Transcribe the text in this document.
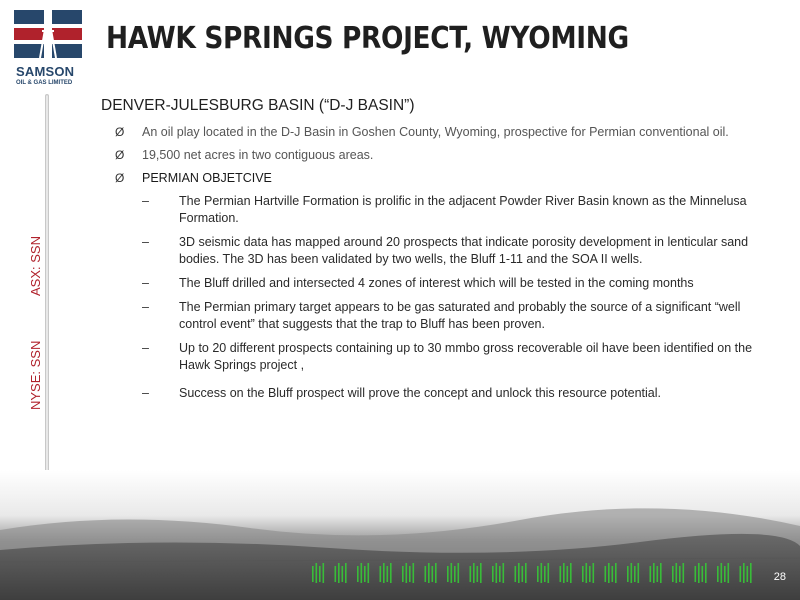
SAMSON
OIL & GAS LIMITED
HAWK SPRINGS PROJECT, WYOMING
ASX: SSN
NYSE: SSN
DENVER-JULESBURG BASIN (“D-J BASIN”)
Ø An oil play located in the D-J Basin in Goshen County, Wyoming, prospective for Permian conventional oil.
Ø 19,500 net acres in two contiguous areas.
Ø PERMIAN OBJETCIVE
– The Permian Hartville Formation is prolific in the adjacent Powder River Basin known as the Minnelusa Formation.
– 3D seismic data has mapped around 20 prospects that indicate porosity development in lenticular sand bodies. The 3D has been validated by two wells, the Bluff 1-11 and the SOA II wells.
– The Bluff drilled and intersected 4 zones of interest which will be tested in the coming months
– The Permian primary target appears to be gas saturated and probably the source of a significant “well control event” that suggests that the trap to Bluff has been proven.
– Up to 20 different prospects containing up to 30 mmbo gross recoverable oil have been identified on the Hawk Springs project ,
– Success on the Bluff prospect will prove the concept and unlock this resource potential.
28
